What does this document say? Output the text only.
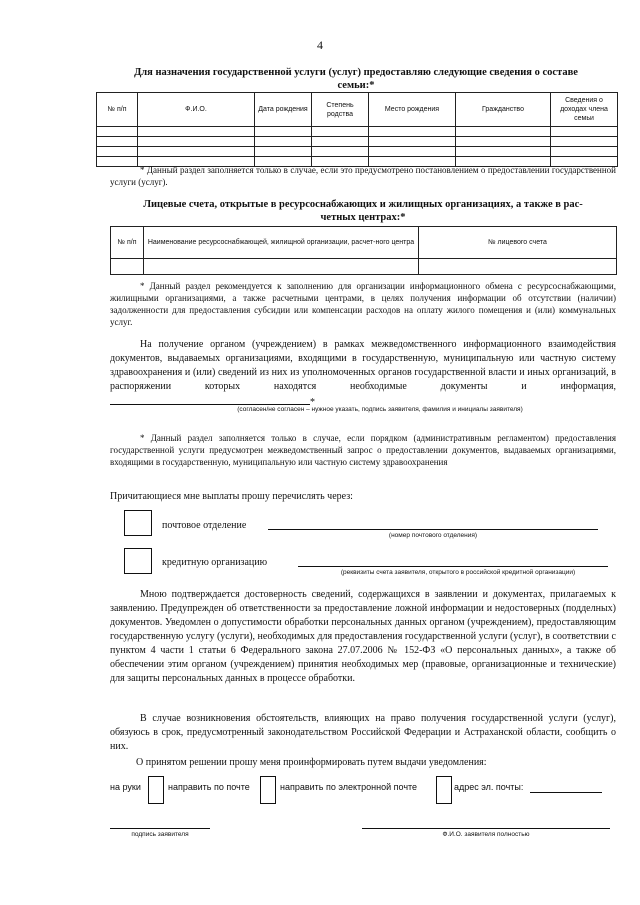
4
Для назначения государственной услуги (услуг) предоставляю следующие сведения о составе
семьи:*
№ п/п	Ф.И.О.	Дата рождения	Степень родства	Место рождения	Гражданство	Сведения о доходах члена семьи

* Данный раздел заполняется только в случае, если это предусмотрено постановлением о предоставлении государственной услуги (услуг).
Лицевые счета, открытые в ресурсоснабжающих и жилищных организациях, а также в рас-
четных центрах:*
№ п/п	Наименование ресурсоснабжающей, жилищной организации, расчет-ного центра	№ лицевого счета

* Данный раздел рекомендуется к заполнению для организации информационного обмена с ресурсоснабжающими, жилищными организациями, а также расчетными центрами, в целях получения информации об отсутствии (наличии) задолженности для предоставления субсидии или компенсации расходов на оплату жилого помещения и (или) коммунальных услуг.
На получение органом (учреждением) в рамках межведомственного информационного взаимодействия документов, выдаваемых организациями, входящими в государственную, муниципальную или частную систему здравоохранения и (или) сведений из них из уполномоченных органов государственной власти и иных организаций, в распоряжении которых находятся необходимые документы и информация, *
(согласен/не согласен – нужное указать, подпись заявителя, фамилия и инициалы заявителя)
* Данный раздел заполняется только в случае, если порядком (административным регламентом) предоставления государственной услуги предусмотрен межведомственный запрос о предоставлении документов, выдаваемых организациями, входящими в государственную, муниципальную или частную систему здравоохранения
Причитающиеся мне выплаты прошу перечислять через:
почтовое отделение
(номер почтового отделения)
кредитную организацию
(реквизиты счета заявителя, открытого в российской кредитной организации)
Мною подтверждается достоверность сведений, содержащихся в заявлении и документах, прилагаемых к заявлению. Предупрежден об ответственности за предоставление ложной информации и недостоверных (подделных) документов. Уведомлен о допустимости обработки персональных данных органом (учреждением), предоставляющим государственную услугу (услуги), необходимых для предоставления государственной услуги (услуг), в соответствии с пунктом 4 части 1 статьи 6 Федерального закона 27.07.2006 № 152-ФЗ «О персональных данных», а также об обеспечении этим органом (учреждением) принятия необходимых мер (правовые, организационные и технические) для защиты персональных данных в процессе обработки.
В случае возникновения обстоятельств, влияющих на право получения государственной услуги (услуг), обязуюсь в срок, предусмотренный законодательством Российской Федерации и Астраханской области, сообщить о них.
О принятом решении прошу меня проинформировать путем выдачи уведомления:
на руки	направить по почте	направить по электронной почте	адрес эл. почты:
подпись заявителя	Ф.И.О. заявителя полностью
